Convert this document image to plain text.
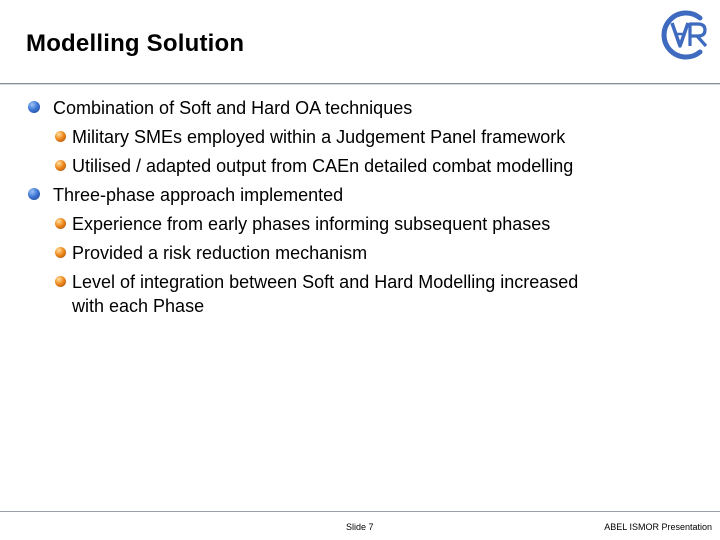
Modelling Solution
Combination of Soft and Hard OA techniques
Military SMEs employed within a Judgement Panel framework
Utilised / adapted output from CAEn detailed combat modelling
Three-phase approach implemented
Experience from early phases informing subsequent phases
Provided a risk reduction mechanism
Level of integration between Soft and Hard Modelling increased
with each Phase
Slide 7	ABEL ISMOR Presentation
